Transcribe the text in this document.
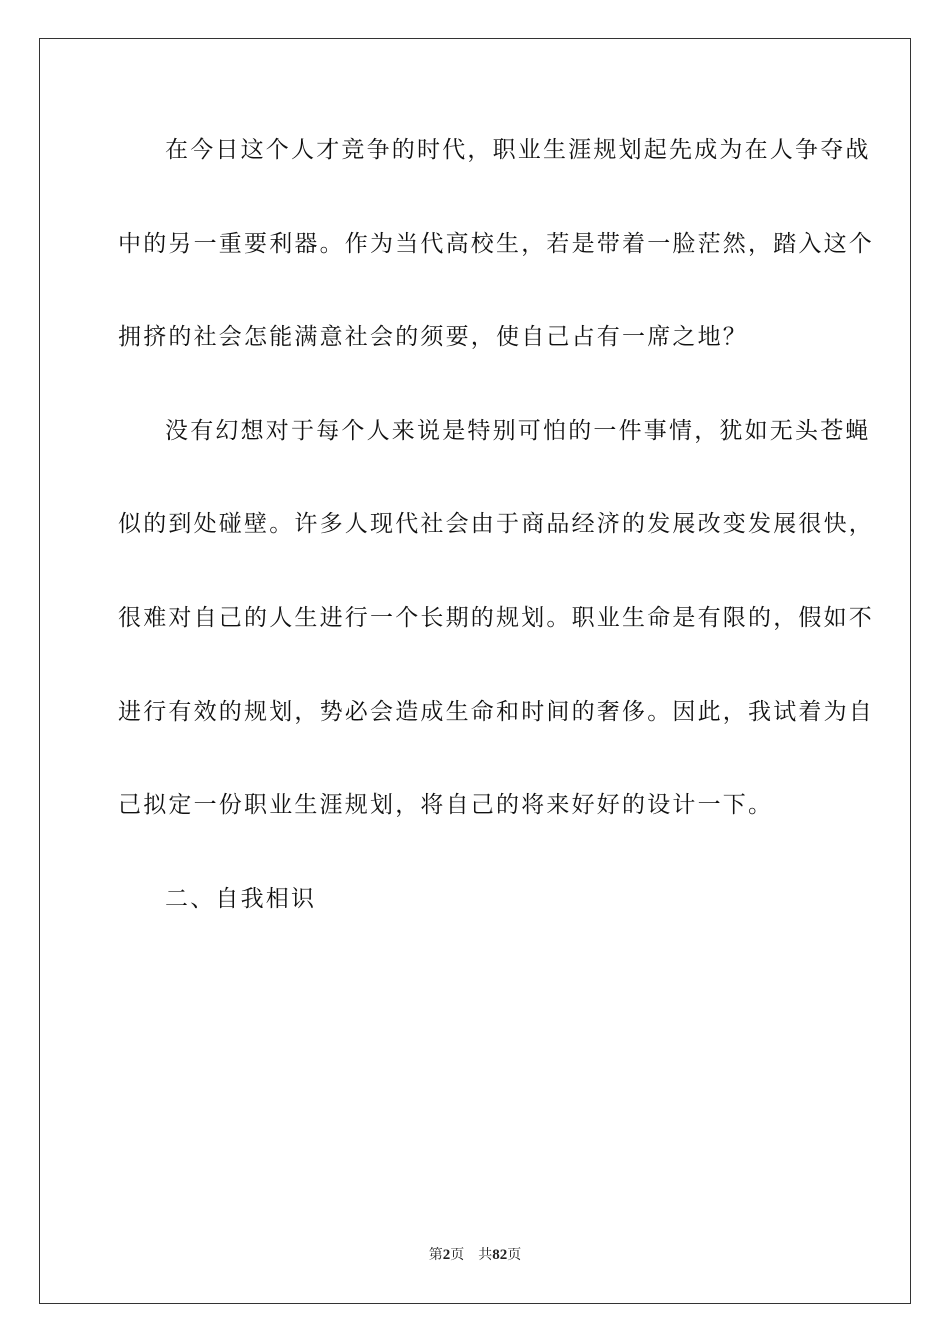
在今日这个人才竞争的时代，职业生涯规划起先成为在人争夺战
中的另一重要利器。作为当代高校生，若是带着一脸茫然，踏入这个
拥挤的社会怎能满意社会的须要，使自己占有一席之地？
没有幻想对于每个人来说是特别可怕的一件事情，犹如无头苍蝇
似的到处碰壁。许多人现代社会由于商品经济的发展改变发展很快，
很难对自己的人生进行一个长期的规划。职业生命是有限的，假如不
进行有效的规划，势必会造成生命和时间的奢侈。因此，我试着为自
己拟定一份职业生涯规划，将自己的将来好好的设计一下。
二、自我相识
第2页 共82页
